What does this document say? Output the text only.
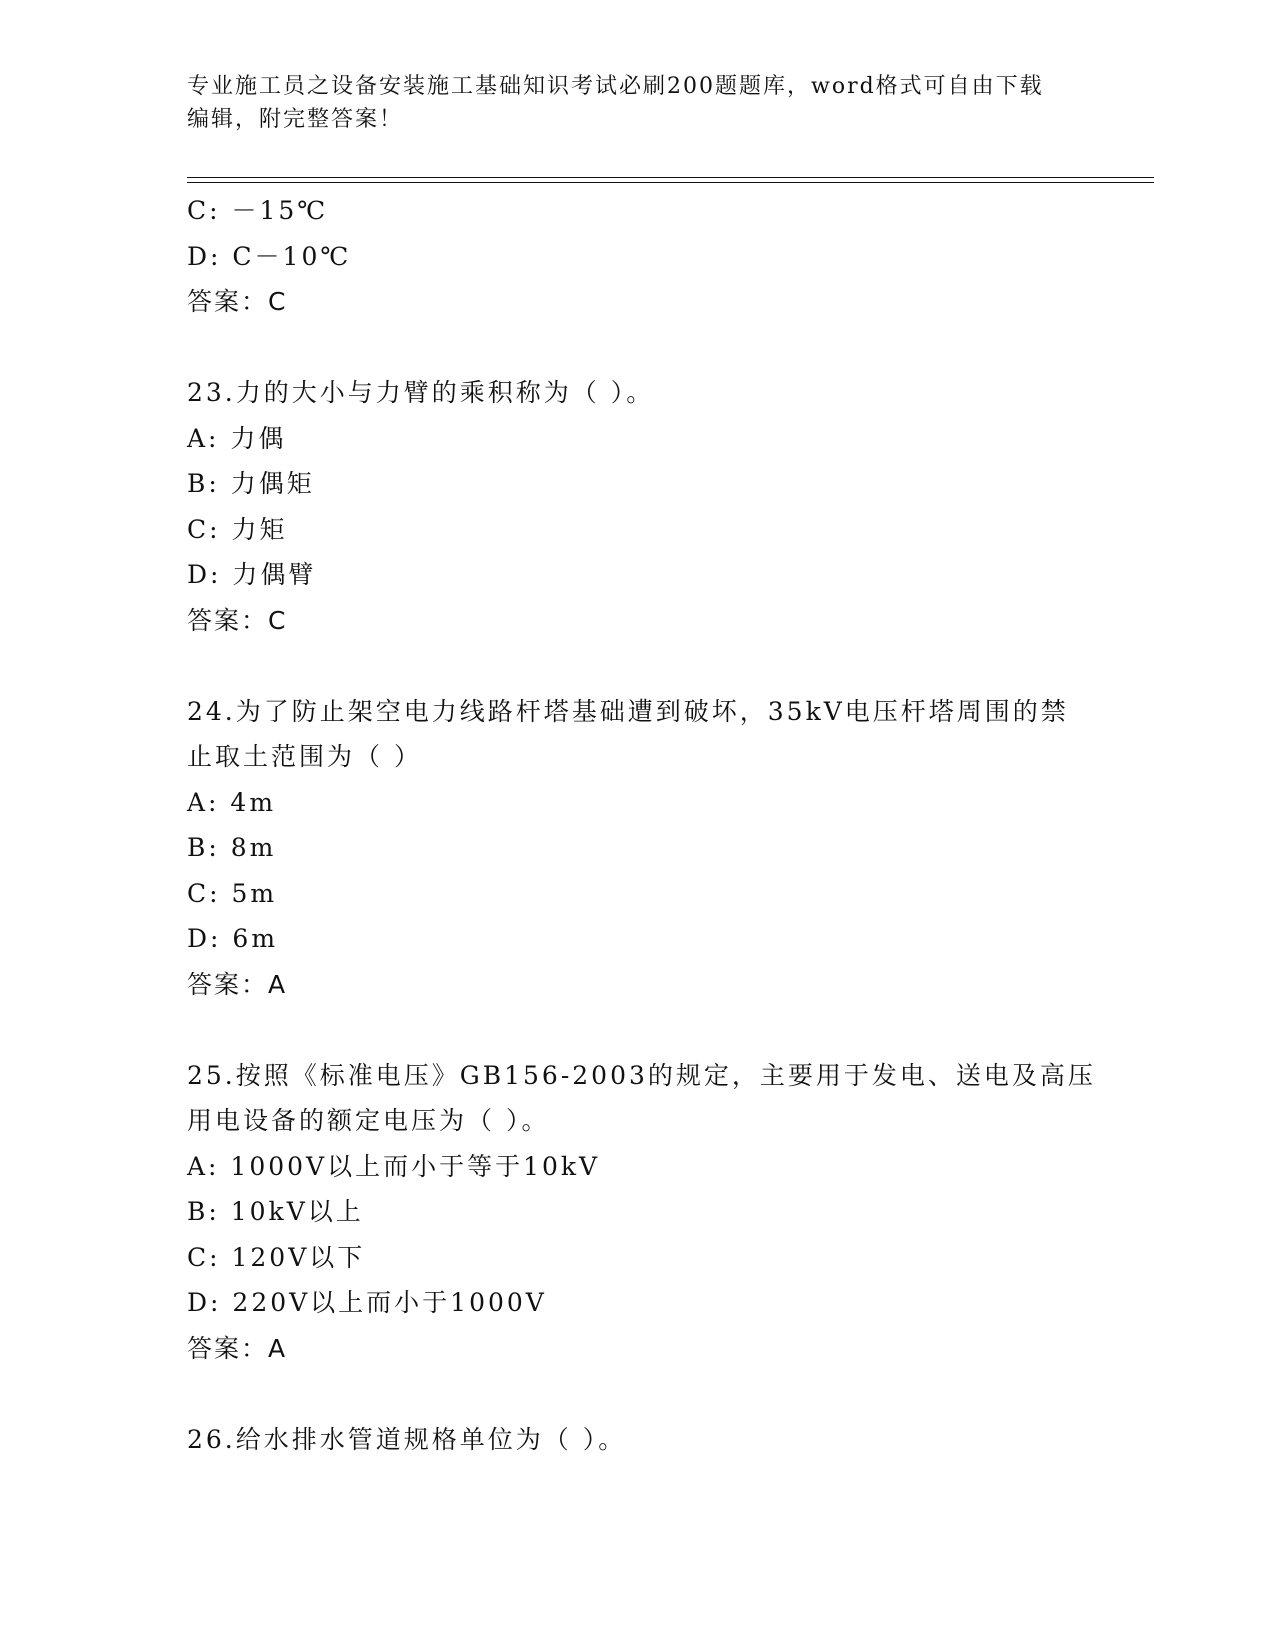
专业施工员之设备安装施工基础知识考试必刷200题题库，word格式可自由下载
编辑，附完整答案！
C: －15℃
D: C－10℃
答案：C
23.力的大小与力臂的乘积称为（ ）。
A: 力偶
B: 力偶矩
C: 力矩
D: 力偶臂
答案：C
24.为了防止架空电力线路杆塔基础遭到破坏，35kV电压杆塔周围的禁
止取土范围为（ ）
A: 4m
B: 8m
C: 5m
D: 6m
答案：A
25.按照《标准电压》GB156-2003的规定，主要用于发电、送电及高压
用电设备的额定电压为（ ）。
A: 1000V以上而小于等于10kV
B: 10kV以上
C: 120V以下
D: 220V以上而小于1000V
答案：A
26.给水排水管道规格单位为（ ）。
